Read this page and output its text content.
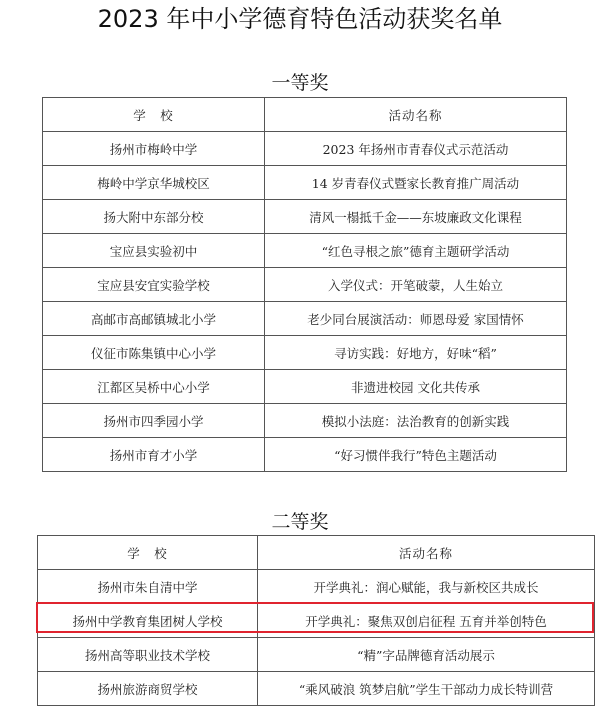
2023 年中小学德育特色活动获奖名单
一等奖
学　校	活动名称
扬州市梅岭中学	2023 年扬州市青春仪式示范活动
梅岭中学京华城校区	14 岁青春仪式暨家长教育推广周活动
扬大附中东部分校	清风一榻抵千金——东坡廉政文化课程
宝应县实验初中	“红色寻根之旅”德育主题研学活动
宝应县安宜实验学校	入学仪式：开笔破蒙，人生始立
高邮市高邮镇城北小学	老少同台展演活动：师恩母爱 家国情怀
仪征市陈集镇中心小学	寻访实践：好地方，好味“稻”
江都区吴桥中心小学	非遗进校园 文化共传承
扬州市四季园小学	模拟小法庭：法治教育的创新实践
扬州市育才小学	“好习惯伴我行”特色主题活动
二等奖
学　校	活动名称
扬州市朱自清中学	开学典礼：润心赋能，我与新校区共成长
扬州中学教育集团树人学校	开学典礼：聚焦双创启征程 五育并举创特色
扬州高等职业技术学校	“精”字品牌德育活动展示
扬州旅游商贸学校	“乘风破浪 筑梦启航”学生干部动力成长特训营
